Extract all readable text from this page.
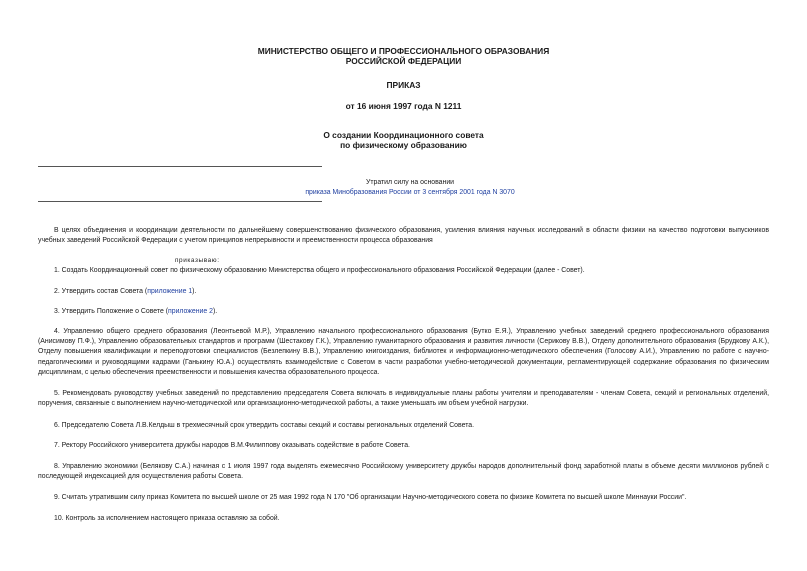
МИНИСТЕРСТВО ОБЩЕГО И ПРОФЕССИОНАЛЬНОГО ОБРАЗОВАНИЯ
РОССИЙСКОЙ ФЕДЕРАЦИИ
ПРИКАЗ
от 16 июня 1997 года N 1211
О создании Координационного совета
по физическому образованию
Утратил силу на основании
приказа Минобразования России от 3 сентября 2001 года N 3070
В целях объединения и координации деятельности по дальнейшему совершенствованию физического образования, усиления влияния научных исследований в области физики на качество подготовки выпускников учебных заведений Российской Федерации с учетом принципов непрерывности и преемственности процесса образования
приказываю:
1. Создать Координационный совет по физическому образованию Министерства общего и профессионального образования Российской Федерации (далее - Совет).
2. Утвердить состав Совета (приложение 1).
3. Утвердить Положение о Совете (приложение 2).
4. Управлению общего среднего образования (Леонтьевой М.Р.), Управлению начального профессионального образования (Бутко Е.Я.), Управлению учебных заведений среднего профессионального образования (Анисимову П.Ф.), Управлению образовательных стандартов и программ (Шестакову Г.К.), Управлению гуманитарного образования и развития личности (Серикову В.В.), Отделу дополнительного образования (Брудкову А.К.), Отделу повышения квалификации и переподготовки специалистов (Безлепкину В.В.), Управлению книгоиздания, библиотек и информационно-методического обеспечения (Голосову А.И.), Управлению по работе с научно-педагогическими и руководящими кадрами (Ганькину Ю.А.) осуществлять взаимодействие с Советом в части разработки учебно-методической документации, регламентирующей содержание образования по физическим дисциплинам, с целью обеспечения преемственности и повышения качества образовательного процесса.
5. Рекомендовать руководству учебных заведений по представлению председателя Совета включать в индивидуальные планы работы учителям и преподавателям - членам Совета, секций и региональных отделений, поручения, связанные с выполнением научно-методической или организационно-методической работы, а также уменьшать им объем учебной нагрузки.
6. Председателю Совета Л.В.Келдыш в трехмесячный срок утвердить составы секций и составы региональных отделений Совета.
7. Ректору Российского университета дружбы народов В.М.Филиппову оказывать содействие в работе Совета.
8. Управлению экономики (Белякову С.А.) начиная с 1 июля 1997 года выделять ежемесячно Российскому университету дружбы народов дополнительный фонд заработной платы в объеме десяти миллионов рублей с последующей индексацией для осуществления работы Совета.
9. Считать утратившим силу приказ Комитета по высшей школе от 25 мая 1992 года N 170 "Об организации Научно-методического совета по физике Комитета по высшей школе Миннауки России".
10. Контроль за исполнением настоящего приказа оставляю за собой.
